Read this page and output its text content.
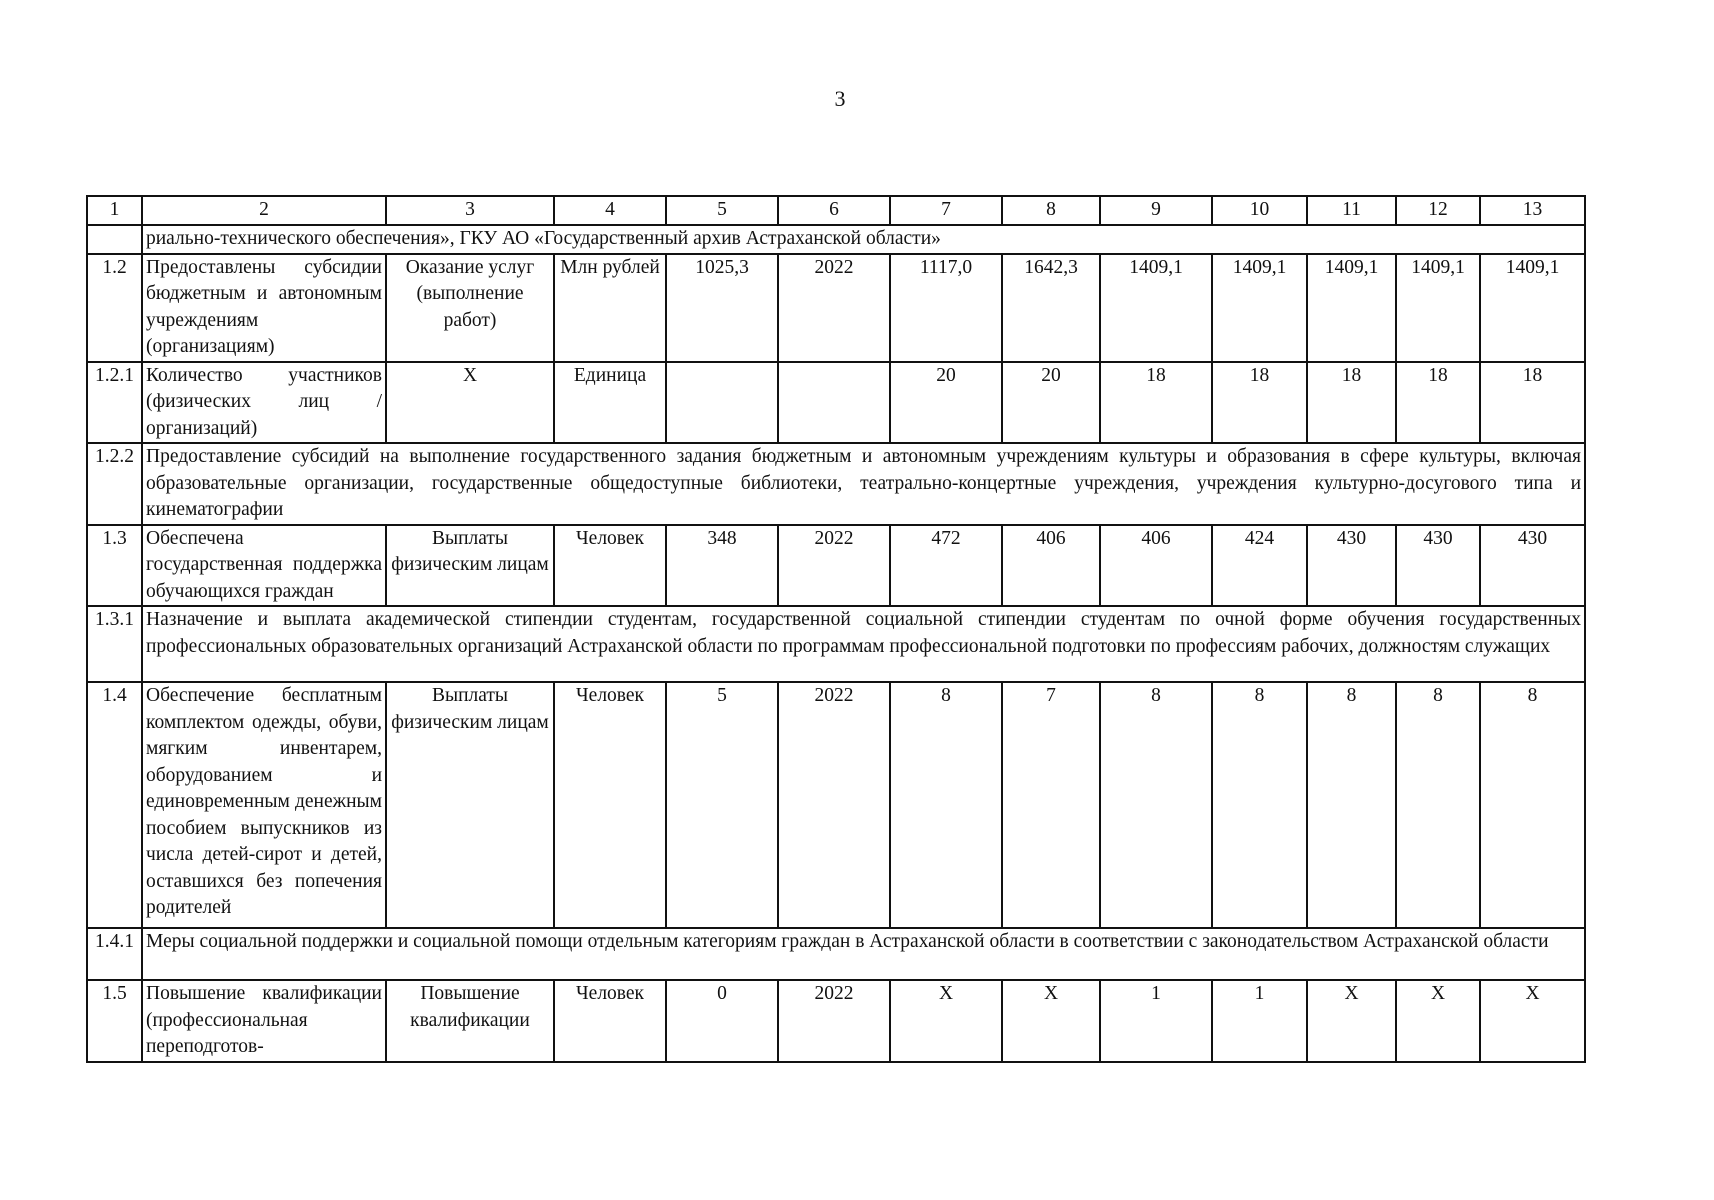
3
1	2	3	4	5	6	7	8	9	10	11	12	13
	риально-технического обеспечения», ГКУ АО «Государственный архив Астраханской области»											
1.2	Предоставлены субсидии бюджетным и автономным учреждениям (организациям)	Оказание услуг (выполнение работ)	Млн рублей	1025,3	2022	1117,0	1642,3	1409,1	1409,1	1409,1	1409,1	1409,1
1.2.1	Количество участников (физических лиц / организаций)	Х	Единица			20	20	18	18	18	18	18
1.2.2	Предоставление субсидий на выполнение государственного задания бюджетным и автономным учреждениям культуры и образования в сфере культуры, включая образовательные организации, государственные общедоступные библиотеки, театрально-концертные учреждения, учреждения культурно-досугового типа и кинематографии											
1.3	Обеспечена государственная поддержка обучающихся граждан	Выплаты физическим лицам	Человек	348	2022	472	406	406	424	430	430	430
1.3.1	Назначение и выплата академической стипендии студентам, государственной социальной стипендии студентам по очной форме обучения государственных профессиональных образовательных организаций Астраханской области по программам профессиональной подготовки по профессиям рабочих, должностям служащих											
1.4	Обеспечение бесплатным комплектом одежды, обуви, мягким инвентарем, оборудованием и единовременным денежным пособием выпускников из числа детей-сирот и детей, оставшихся без попечения родителей	Выплаты физическим лицам	Человек	5	2022	8	7	8	8	8	8	8
1.4.1	Меры социальной поддержки и социальной помощи отдельным категориям граждан в Астраханской области в соответствии с законодательством Астраханской области											
1.5	Повышение квалификации (профессиональная переподготов-	Повышение квалификации	Человек	0	2022	Х	Х	1	1	Х	Х	Х
